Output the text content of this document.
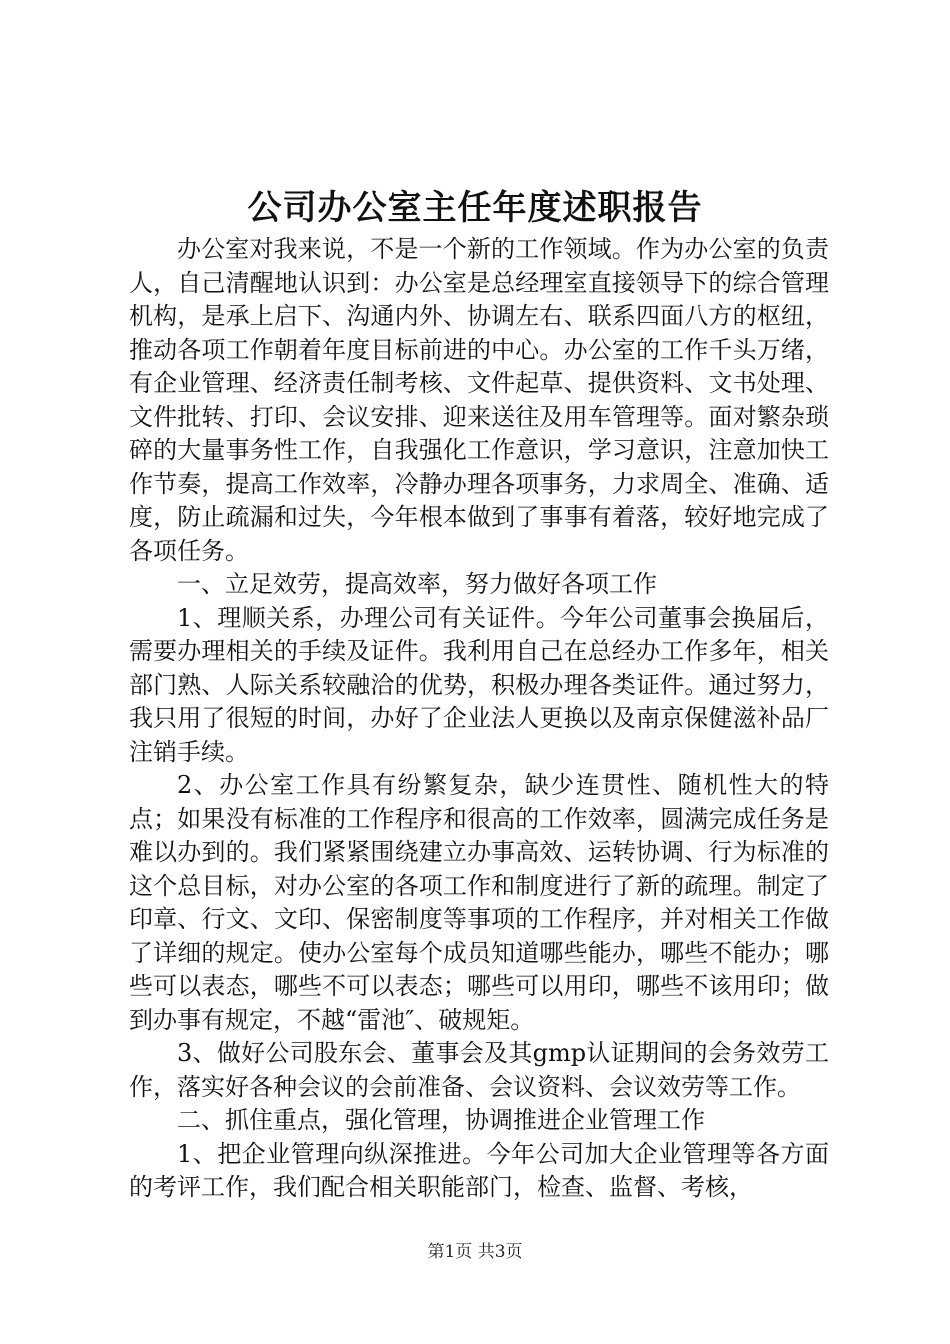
公司办公室主任年度述职报告

办公室对我来说，不是一个新的工作领域。作为办公室的负责人，自己清醒地认识到：办公室是总经理室直接领导下的综合管理机构，是承上启下、沟通内外、协调左右、联系四面八方的枢纽，推动各项工作朝着年度目标前进的中心。办公室的工作千头万绪，有企业管理、经济责任制考核、文件起草、提供资料、文书处理、文件批转、打印、会议安排、迎来送往及用车管理等。面对繁杂琐碎的大量事务性工作，自我强化工作意识，学习意识，注意加快工作节奏，提高工作效率，冷静办理各项事务，力求周全、准确、适度，防止疏漏和过失，今年根本做到了事事有着落，较好地完成了各项任务。

一、立足效劳，提高效率，努力做好各项工作

1、理顺关系，办理公司有关证件。今年公司董事会换届后，需要办理相关的手续及证件。我利用自己在总经办工作多年，相关部门熟、人际关系较融洽的优势，积极办理各类证件。通过努力，我只用了很短的时间，办好了企业法人更换以及南京保健滋补品厂注销手续。

2、办公室工作具有纷繁复杂，缺少连贯性、随机性大的特点；如果没有标准的工作程序和很高的工作效率，圆满完成任务是难以办到的。我们紧紧围绕建立办事高效、运转协调、行为标准的这个总目标，对办公室的各项工作和制度进行了新的疏理。制定了印章、行文、文印、保密制度等事项的工作程序，并对相关工作做了详细的规定。使办公室每个成员知道哪些能办，哪些不能办；哪些可以表态，哪些不可以表态；哪些可以用印，哪些不该用印；做到办事有规定，不越“雷池″、破规矩。

3、做好公司股东会、董事会及其gmp认证期间的会务效劳工作，落实好各种会议的会前准备、会议资料、会议效劳等工作。

二、抓住重点，强化管理，协调推进企业管理工作

1、把企业管理向纵深推进。今年公司加大企业管理等各方面的考评工作，我们配合相关职能部门，检查、监督、考核，

第1页 共3页
